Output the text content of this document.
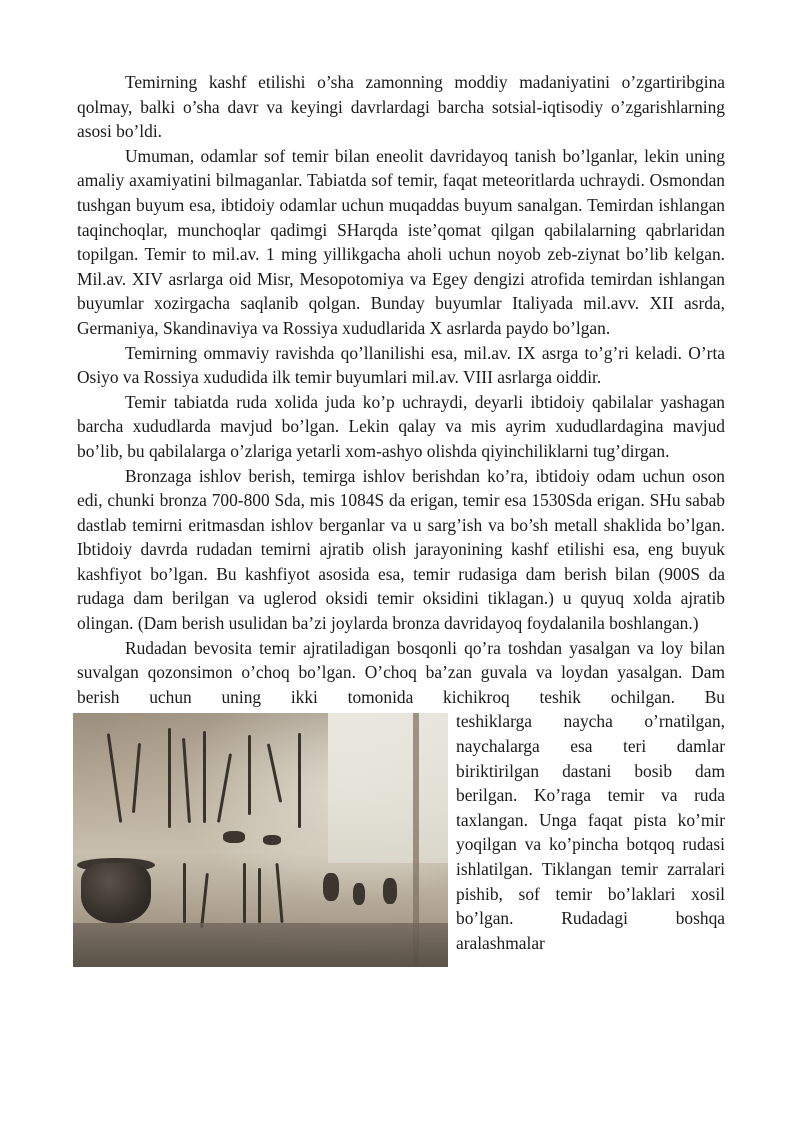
Temirning kashf etilishi o’sha zamonning moddiy madaniyatini o’zgartiribgina qolmay, balki o’sha davr va keyingi davrlardagi barcha sotsial-iqtisodiy o’zgarishlarning asosi bo’ldi.

Umuman, odamlar sof temir bilan eneolit davridayoq tanish bo’lganlar, lekin uning amaliy axamiyatini bilmaganlar. Tabiatda sof temir, faqat meteoritlarda uchraydi. Osmondan tushgan buyum esa, ibtidoiy odamlar uchun muqaddas buyum sanalgan. Temirdan ishlangan taqinchoqlar, munchoqlar qadimgi SHarqda iste’qomat qilgan qabilalarning qabrlaridan topilgan. Temir to mil.av. 1 ming yillikgacha aholi uchun noyob zeb-ziynat bo’lib kelgan. Mil.av. XIV asrlarga oid Misr, Mesopotomiya va Egey dengizi atrofida temirdan ishlangan buyumlar xozirgacha saqlanib qolgan. Bunday buyumlar Italiyada mil.avv. XII asrda, Germaniya, Skandinaviya va Rossiya xududlarida X asrlarda paydo bo’lgan.

Temirning ommaviy ravishda qo’llanilishi esa, mil.av. IX asrga to’g’ri keladi. O’rta Osiyo va Rossiya xududida ilk temir buyumlari mil.av. VIII asrlarga oiddir.

Temir tabiatda ruda xolida juda ko’p uchraydi, deyarli ibtidoiy qabilalar yashagan barcha xududlarda mavjud bo’lgan. Lekin qalay va mis ayrim xududlardagina mavjud bo’lib, bu qabilalarga o’zlariga yetarli xom-ashyo olishda qiyinchiliklarni tug’dirgan.

Bronzaga ishlov berish, temirga ishlov berishdan ko’ra, ibtidoiy odam uchun oson edi, chunki bronza 700-800 Sda, mis 1084S da erigan, temir esa 1530Sda erigan. SHu sabab dastlab temirni eritmasdan ishlov berganlar va u sarg’ish va bo’sh metall shaklida bo’lgan. Ibtidoiy davrda rudadan temirni ajratib olish jarayonining kashf etilishi esa, eng buyuk kashfiyot bo’lgan. Bu kashfiyot asosida esa, temir rudasiga dam berish bilan (900S da rudaga dam berilgan va uglerod oksidi temir oksidini tiklagan.) u quyuq xolda ajratib olingan. (Dam berish usulidan ba’zi joylarda bronza davridayoq foydalanila boshlangan.)

Rudadan bevosita temir ajratiladigan bosqonli qo’ra toshdan yasalgan va loy bilan suvalgan qozonsimon o’choq bo’lgan. O’choq ba’zan guvala va loydan yasalgan. Dam berish uchun uning ikki tomonida kichikroq teshik ochilgan. Bu

teshiklarga naycha o’rnatilgan, naychalarga esa teri damlar biriktirilgan dastani bosib dam berilgan. Ko’raga temir va ruda taxlangan. Unga faqat pista ko’mir yoqilgan va ko’pincha botqoq rudasi ishlatilgan. Tiklangan temir zarralari pishib, sof temir bo’laklari xosil bo’lgan. Rudadagi boshqa aralashmalar
